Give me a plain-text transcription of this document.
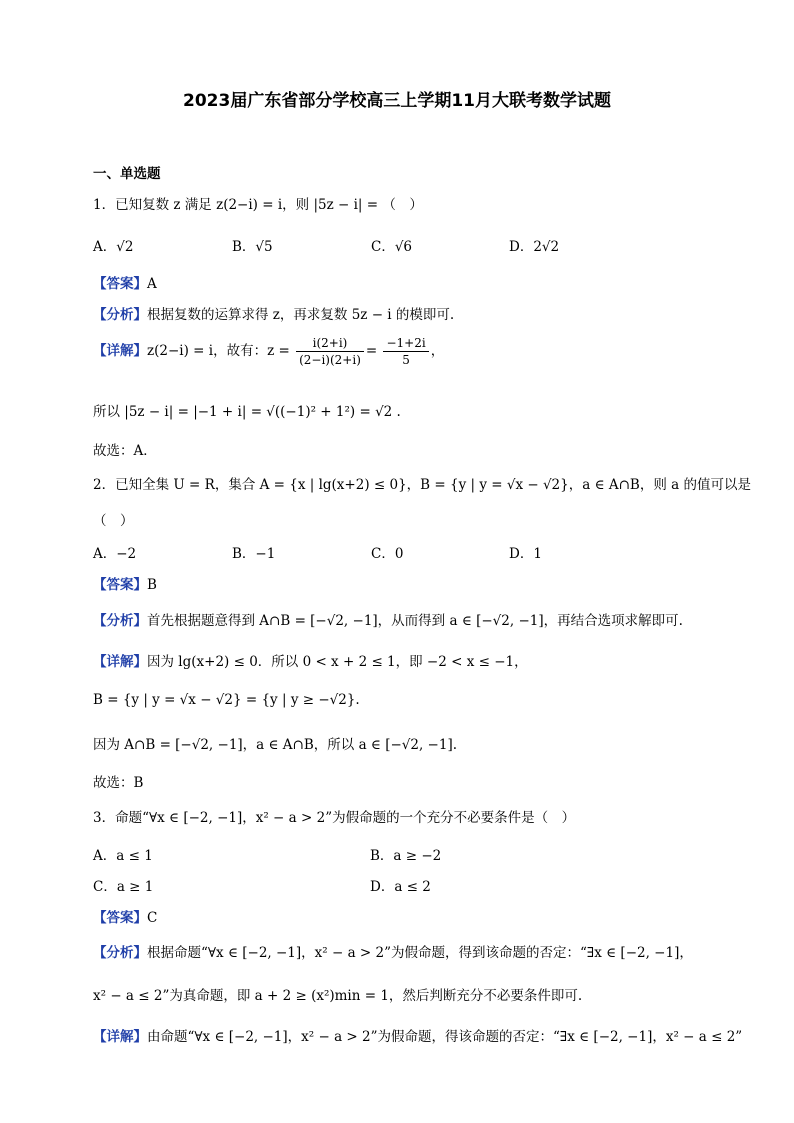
2023届广东省部分学校高三上学期11月大联考数学试题
一、单选题
1．已知复数 z 满足 z(2−i) = i，则 |5z − i| = （　）
A．√2	B．√5	C．√6	D．2√2
【答案】A
【分析】根据复数的运算求得 z，再求复数 5z − i 的模即可.
【详解】z(2−i) = i，故有：$z = \frac{i(2+i)}{(2-i)(2+i)} = \frac{-1+2i}{5}$ ，
所以 |5z − i| = |−1 + i| = √((−1)² + 1²) = √2 .
故选：A．
2．已知全集 U = R，集合 A = {x | lg(x+2) ≤ 0}，B = {y | y = √x − √2}，a ∈ A∩B，则 a 的值可以是
（　）
A．−2	B．−1	C．0	D．1
【答案】B
【分析】首先根据题意得到 A∩B = [−√2, −1]，从而得到 a ∈ [−√2, −1]，再结合选项求解即可.
【详解】因为 lg(x+2) ≤ 0．所以 0 < x + 2 ≤ 1，即 −2 < x ≤ −1，
B = {y | y = √x − √2} = {y | y ≥ −√2}.
因为 A∩B = [−√2, −1]，a ∈ A∩B，所以 a ∈ [−√2, −1].
故选：B
3．命题“∀x ∈ [−2, −1]，x² − a > 2”为假命题的一个充分不必要条件是（　）
A．a ≤ 1	B．a ≥ −2
C．a ≥ 1	D．a ≤ 2
【答案】C
【分析】根据命题“∀x ∈ [−2, −1]，x² − a > 2”为假命题，得到该命题的否定：“∃x ∈ [−2, −1]，
x² − a ≤ 2”为真命题，即 a + 2 ≥ (x²)min = 1，然后判断充分不必要条件即可.
【详解】由命题“∀x ∈ [−2, −1]，x² − a > 2”为假命题，得该命题的否定：“∃x ∈ [−2, −1]，x² − a ≤ 2”
